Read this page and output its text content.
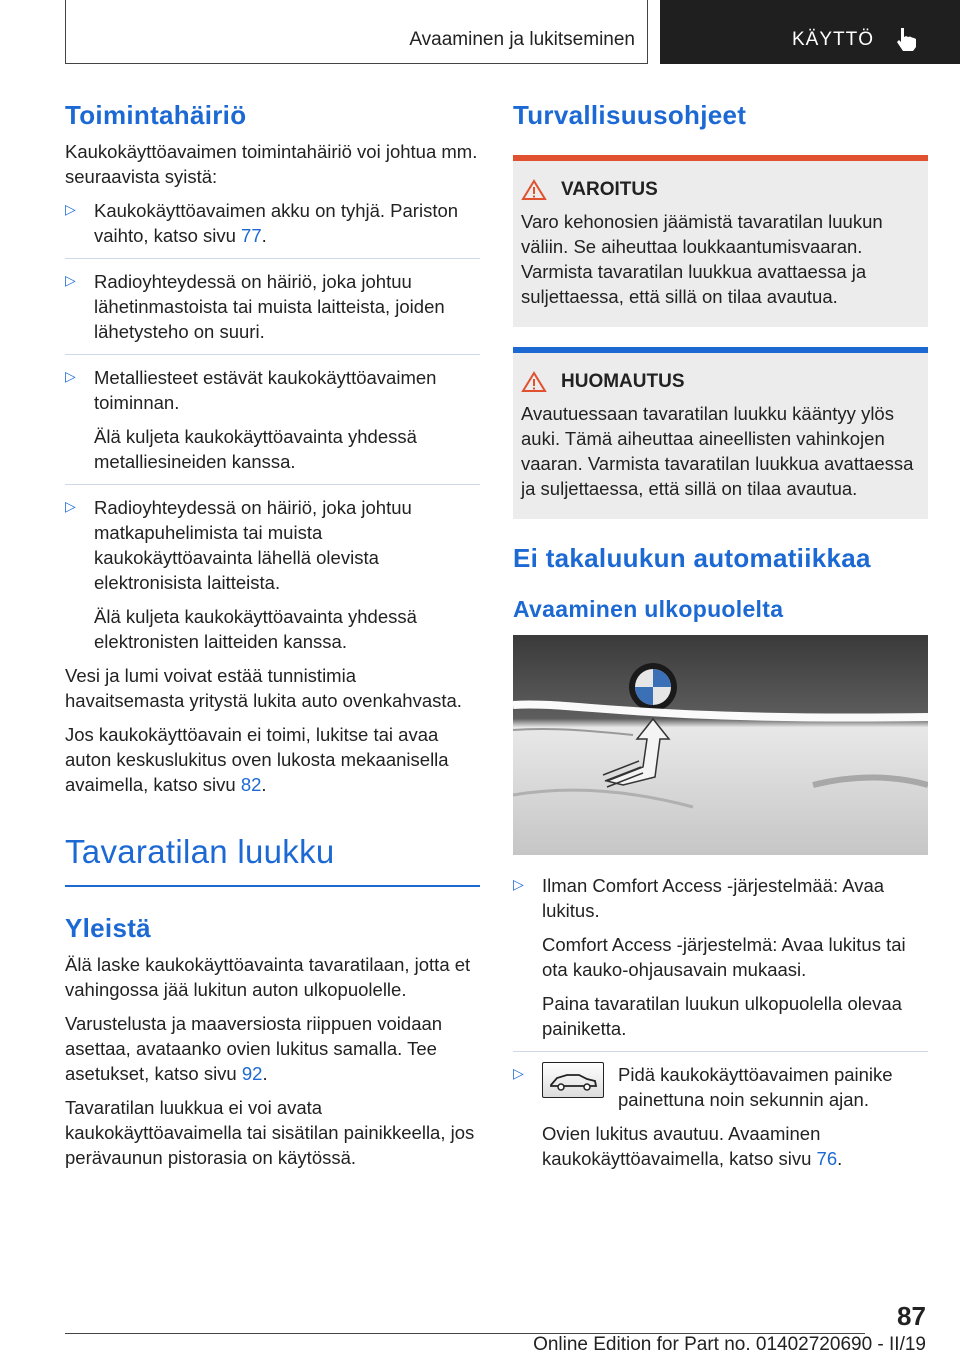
Avaaminen ja lukitseminen	KÄYTTÖ
Toimintahäiriö

Kaukokäyttöavaimen toimintahäiriö voi johtua mm. seuraavista syistä:

▷ Kaukokäyttöavaimen akku on tyhjä. Pariston vaihto, katso sivu 77.

▷ Radioyhteydessä on häiriö, joka johtuu lähetinmastoista tai muista laitteista, joiden lähetysteho on suuri.

▷ Metalliesteet estävät kaukokäyttöavaimen toiminnan.

Älä kuljeta kaukokäyttöavainta yhdessä metalliesineiden kanssa.

▷ Radioyhteydessä on häiriö, joka johtuu matkapuhelimista tai muista kaukokäyttöavainta lähellä olevista elektronisista laitteista.

Älä kuljeta kaukokäyttöavainta yhdessä elektronisten laitteiden kanssa.

Vesi ja lumi voivat estää tunnistimia havaitsemasta yritystä lukita auto ovenkahvasta.

Jos kaukokäyttöavain ei toimi, lukitse tai avaa auton keskuslukitus oven lukosta mekaanisella avaimella, katso sivu 82.

Tavaratilan luukku
Yleistä

Älä laske kaukokäyttöavainta tavaratilaan, jotta et vahingossa jää lukitun auton ulkopuolelle.

Varustelusta ja maaversiosta riippuen voidaan asettaa, avataanko ovien lukitus samalla. Tee asetukset, katso sivu 92.

Tavaratilan luukkua ei voi avata kaukokäyttöavaimella tai sisätilan painikkeella, jos perävaunun pistorasia on käytössä.

Turvallisuusohjeet
VAROITUS

Varo kehonosien jäämistä tavaratilan luukun väliin. Se aiheuttaa loukkaantumisvaaran. Varmista tavaratilan luukkua avattaessa ja suljettaessa, että sillä on tilaa avautua.

HUOMAUTUS

Avautuessaan tavaratilan luukku kääntyy ylös auki. Tämä aiheuttaa aineellisten vahinkojen vaaran. Varmista tavaratilan luukkua avattaessa ja suljettaessa, että sillä on tilaa avautua.

Ei takaluukun automatiikkaa
Avaaminen ulkopuolelta
▷ Ilman Comfort Access -järjestelmää: Avaa lukitus.

Comfort Access -järjestelmä: Avaa lukitus tai ota kauko-ohjausavain mukaasi.

Paina tavaratilan luukun ulkopuolella olevaa painiketta.

▷	Pidä kaukokäyttöavaimen painike painettuna noin sekunnin ajan.

Ovien lukitus avautuu. Avaaminen kaukokäyttöavaimella, katso sivu 76.

87
Online Edition for Part no. 01402720690 - II/19
